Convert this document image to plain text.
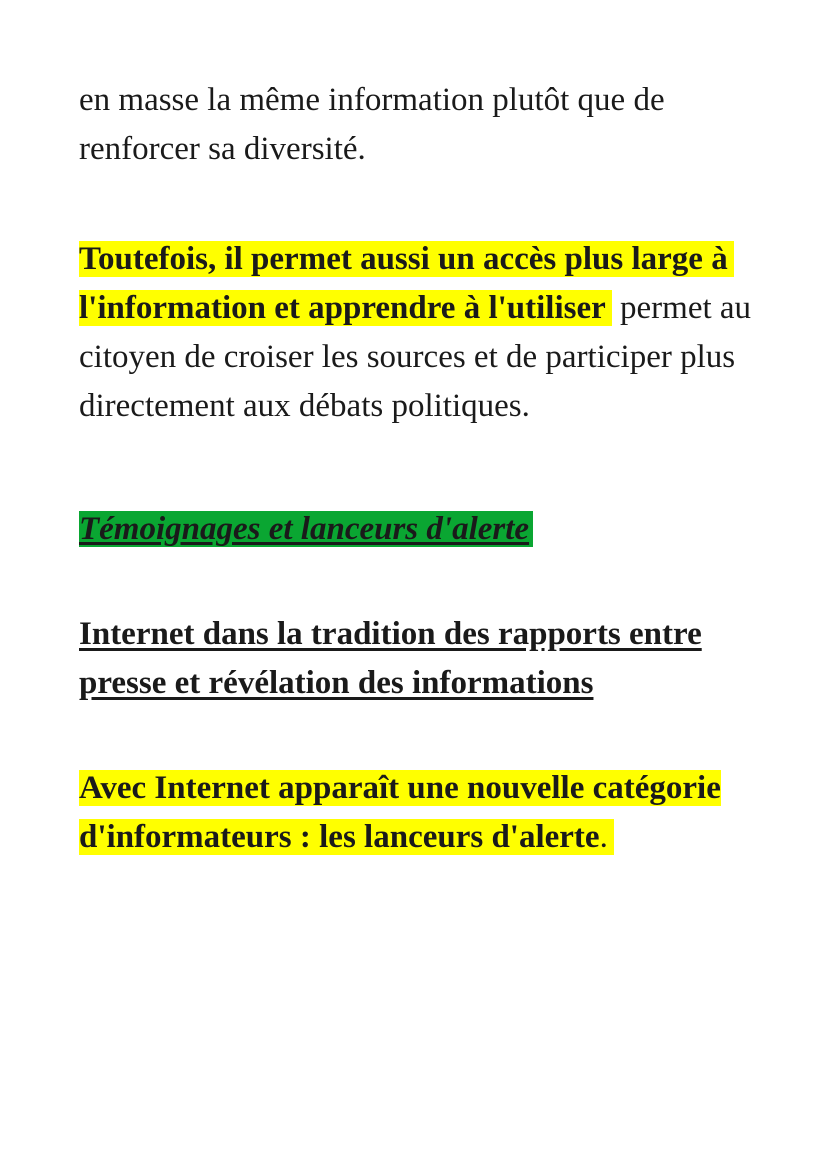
en masse la même information plutôt que de renforcer sa diversité.

Toutefois, il permet aussi un accès plus large à l'information et apprendre à l'utiliser permet au citoyen de croiser les sources et de participer plus directement aux débats politiques.

Témoignages et lanceurs d'alerte

Internet dans la tradition des rapports entre presse et révélation des informations

Avec Internet apparaît une nouvelle catégorie d'informateurs : les lanceurs d'alerte.
